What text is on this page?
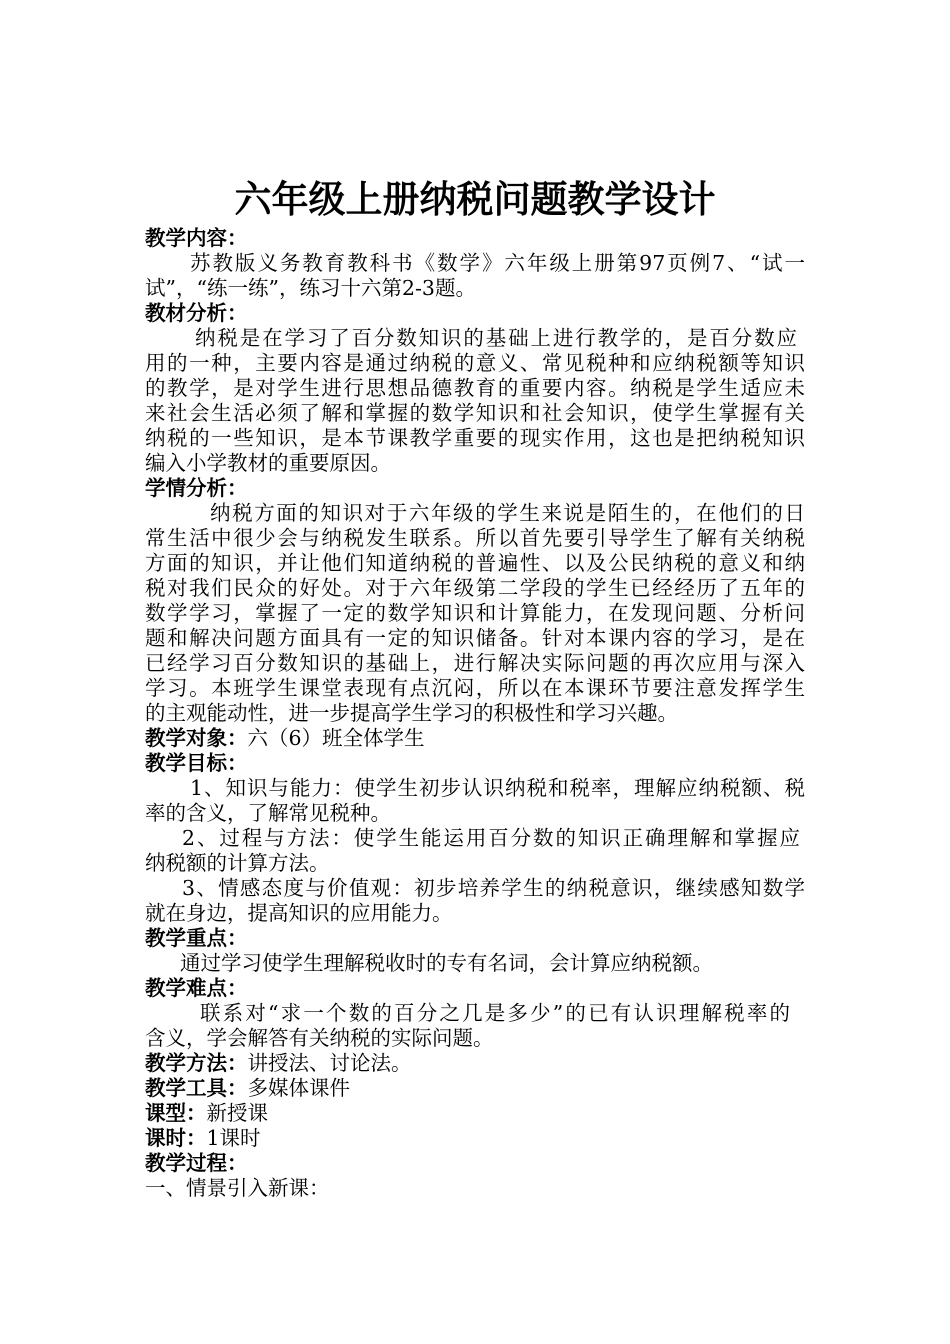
六年级上册纳税问题教学设计
教学内容：
苏教版义务教育教科书《数学》六年级上册第97页例7、“试一
试”，“练一练”，练习十六第2-3题。
教材分析：
纳税是在学习了百分数知识的基础上进行教学的，是百分数应
用的一种，主要内容是通过纳税的意义、常见税种和应纳税额等知识
的教学，是对学生进行思想品德教育的重要内容。纳税是学生适应未
来社会生活必须了解和掌握的数学知识和社会知识，使学生掌握有关
纳税的一些知识，是本节课教学重要的现实作用，这也是把纳税知识
编入小学教材的重要原因。
学情分析：
纳税方面的知识对于六年级的学生来说是陌生的，在他们的日
常生活中很少会与纳税发生联系。所以首先要引导学生了解有关纳税
方面的知识，并让他们知道纳税的普遍性、以及公民纳税的意义和纳
税对我们民众的好处。对于六年级第二学段的学生已经经历了五年的
数学学习，掌握了一定的数学知识和计算能力，在发现问题、分析问
题和解决问题方面具有一定的知识储备。针对本课内容的学习，是在
已经学习百分数知识的基础上，进行解决实际问题的再次应用与深入
学习。本班学生课堂表现有点沉闷，所以在本课环节要注意发挥学生
的主观能动性，进一步提高学生学习的积极性和学习兴趣。
教学对象：六（6）班全体学生
教学目标：
1、知识与能力：使学生初步认识纳税和税率，理解应纳税额、税
率的含义，了解常见税种。
2、过程与方法：使学生能运用百分数的知识正确理解和掌握应
纳税额的计算方法。
3、情感态度与价值观：初步培养学生的纳税意识，继续感知数学
就在身边，提高知识的应用能力。
教学重点：
通过学习使学生理解税收时的专有名词，会计算应纳税额。
教学难点：
联系对“求一个数的百分之几是多少”的已有认识理解税率的
含义，学会解答有关纳税的实际问题。
教学方法：讲授法、讨论法。
教学工具：多媒体课件
课型：新授课
课时：1课时
教学过程：
一、情景引入新课：
